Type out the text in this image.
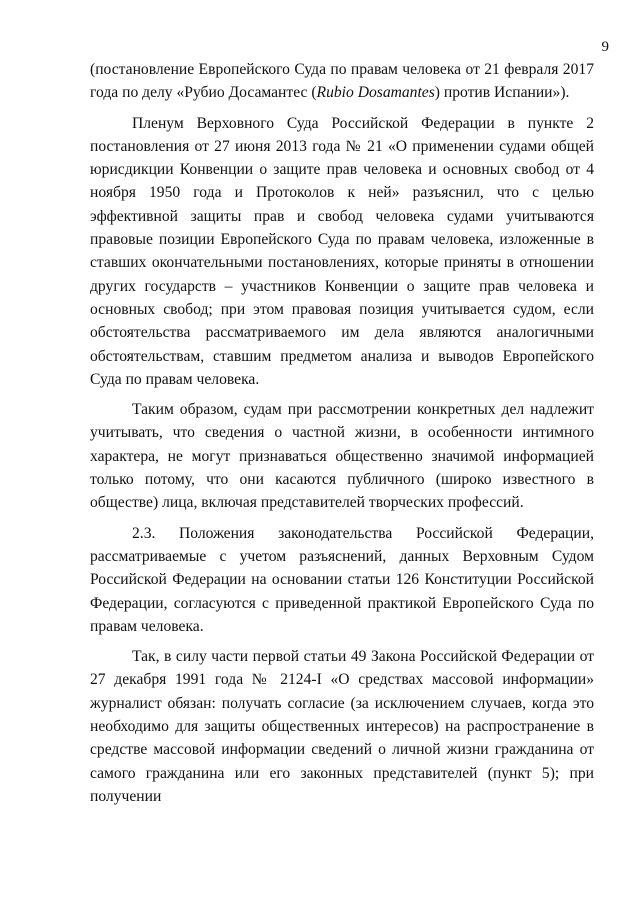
9

(постановление Европейского Суда по правам человека от 21 февраля 2017 года по делу «Рубио Досамантес (Rubio Dosamantes) против Испании»).

Пленум Верховного Суда Российской Федерации в пункте 2 постановления от 27 июня 2013 года № 21 «О применении судами общей юрисдикции Конвенции о защите прав человека и основных свобод от 4 ноября 1950 года и Протоколов к ней» разъяснил, что с целью эффективной защиты прав и свобод человека судами учитываются правовые позиции Европейского Суда по правам человека, изложенные в ставших окончательными постановлениях, которые приняты в отношении других государств – участников Конвенции о защите прав человека и основных свобод; при этом правовая позиция учитывается судом, если обстоятельства рассматриваемого им дела являются аналогичными обстоятельствам, ставшим предметом анализа и выводов Европейского Суда по правам человека.

Таким образом, судам при рассмотрении конкретных дел надлежит учитывать, что сведения о частной жизни, в особенности интимного характера, не могут признаваться общественно значимой информацией только потому, что они касаются публичного (широко известного в обществе) лица, включая представителей творческих профессий.

2.3. Положения законодательства Российской Федерации, рассматриваемые с учетом разъяснений, данных Верховным Судом Российской Федерации на основании статьи 126 Конституции Российской Федерации, согласуются с приведенной практикой Европейского Суда по правам человека.

Так, в силу части первой статьи 49 Закона Российской Федерации от 27 декабря 1991 года № 2124-I «О средствах массовой информации» журналист обязан: получать согласие (за исключением случаев, когда это необходимо для защиты общественных интересов) на распространение в средстве массовой информации сведений о личной жизни гражданина от самого гражданина или его законных представителей (пункт 5); при получении
